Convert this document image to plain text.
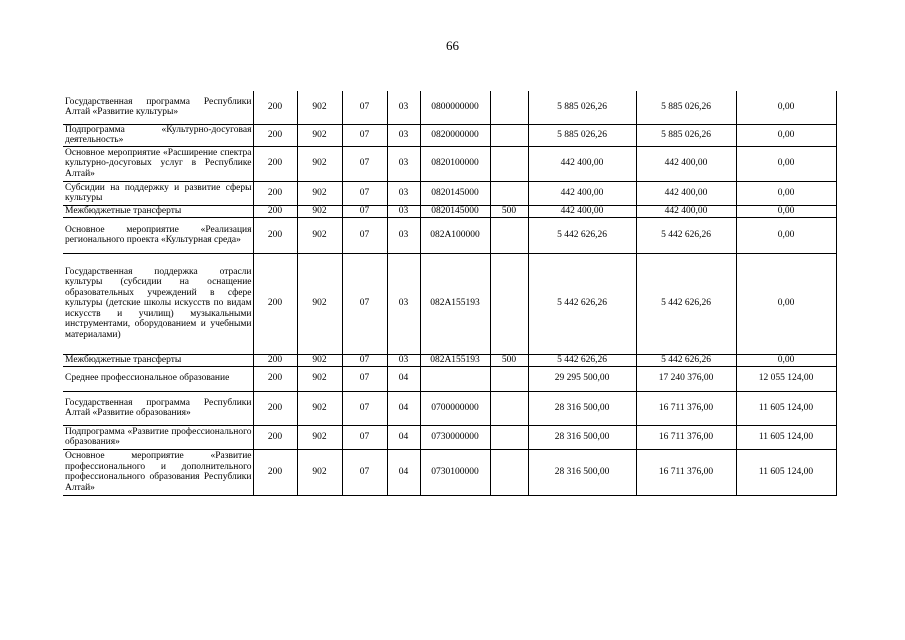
66
Государственная программа Республики Алтай «Развитие культуры»	200	902	07	03	0800000000		5 885 026,26	5 885 026,26	0,00
Подпрограмма «Культурно-досуговая деятельность»	200	902	07	03	0820000000		5 885 026,26	5 885 026,26	0,00
Основное мероприятие «Расширение спектра культурно-досуговых услуг в Республике Алтай»	200	902	07	03	0820100000		442 400,00	442 400,00	0,00
Субсидии на поддержку и развитие сферы культуры	200	902	07	03	0820145000		442 400,00	442 400,00	0,00
Межбюджетные трансферты	200	902	07	03	0820145000	500	442 400,00	442 400,00	0,00
Основное мероприятие «Реализация регионального проекта «Культурная среда»	200	902	07	03	082A100000		5 442 626,26	5 442 626,26	0,00
Государственная поддержка отрасли культуры (субсидии на оснащение образовательных учреждений в сфере культуры (детские школы искусств по видам искусств и училищ) музыкальными инструментами, оборудованием и учебными материалами)	200	902	07	03	082A155193		5 442 626,26	5 442 626,26	0,00
Межбюджетные трансферты	200	902	07	03	082A155193	500	5 442 626,26	5 442 626,26	0,00
Среднее профессиональное образование	200	902	07	04			29 295 500,00	17 240 376,00	12 055 124,00
Государственная программа Республики Алтай «Развитие образования»	200	902	07	04	0700000000		28 316 500,00	16 711 376,00	11 605 124,00
Подпрограмма «Развитие профессионального образования»	200	902	07	04	0730000000		28 316 500,00	16 711 376,00	11 605 124,00
Основное мероприятие «Развитие профессионального и дополнительного профессионального образования Республики Алтай»	200	902	07	04	0730100000		28 316 500,00	16 711 376,00	11 605 124,00
